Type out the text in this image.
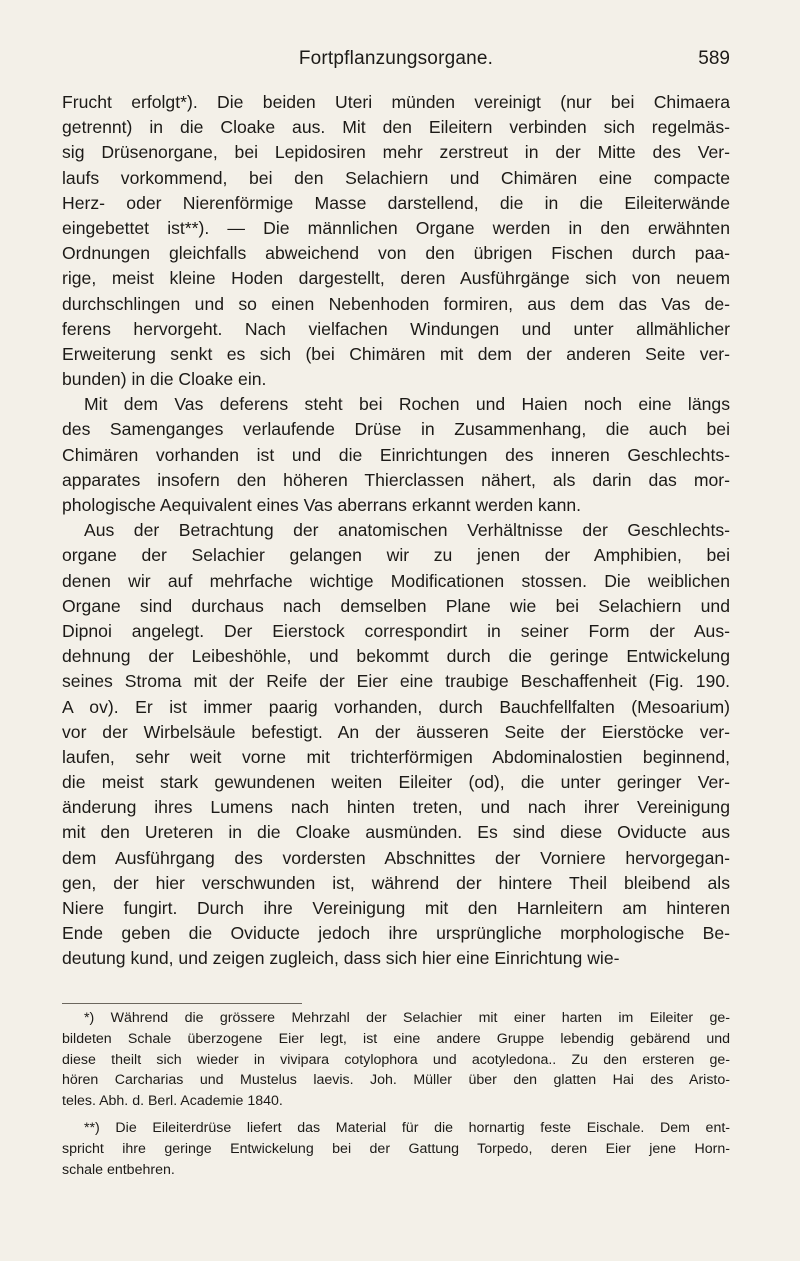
Fortpflanzungsorgane.	589
Frucht erfolgt*). Die beiden Uteri münden vereinigt (nur bei Chimaera
getrennt) in die Cloake aus. Mit den Eileitern verbinden sich regelmäs-
sig Drüsenorgane, bei Lepidosiren mehr zerstreut in der Mitte des Ver-
laufs vorkommend, bei den Selachiern und Chimären eine compacte
Herz- oder Nierenförmige Masse darstellend, die in die Eileiterwände
eingebettet ist**). — Die männlichen Organe werden in den erwähnten
Ordnungen gleichfalls abweichend von den übrigen Fischen durch paa-
rige, meist kleine Hoden dargestellt, deren Ausführgänge sich von neuem
durchschlingen und so einen Nebenhoden formiren, aus dem das Vas de-
ferens hervorgeht. Nach vielfachen Windungen und unter allmählicher
Erweiterung senkt es sich (bei Chimären mit dem der anderen Seite ver-
bunden) in die Cloake ein.
Mit dem Vas deferens steht bei Rochen und Haien noch eine längs
des Samenganges verlaufende Drüse in Zusammenhang, die auch bei
Chimären vorhanden ist und die Einrichtungen des inneren Geschlechts-
apparates insofern den höheren Thierclassen nähert, als darin das mor-
phologische Aequivalent eines Vas aberrans erkannt werden kann.
Aus der Betrachtung der anatomischen Verhältnisse der Geschlechts-
organe der Selachier gelangen wir zu jenen der Amphibien, bei
denen wir auf mehrfache wichtige Modificationen stossen. Die weiblichen
Organe sind durchaus nach demselben Plane wie bei Selachiern und
Dipnoi angelegt. Der Eierstock correspondirt in seiner Form der Aus-
dehnung der Leibeshöhle, und bekommt durch die geringe Entwickelung
seines Stroma mit der Reife der Eier eine traubige Beschaffenheit (Fig. 190.
A ov). Er ist immer paarig vorhanden, durch Bauchfellfalten (Mesoarium)
vor der Wirbelsäule befestigt. An der äusseren Seite der Eierstöcke ver-
laufen, sehr weit vorne mit trichterförmigen Abdominalostien beginnend,
die meist stark gewundenen weiten Eileiter (od), die unter geringer Ver-
änderung ihres Lumens nach hinten treten, und nach ihrer Vereinigung
mit den Ureteren in die Cloake ausmünden. Es sind diese Oviducte aus
dem Ausführgang des vordersten Abschnittes der Vorniere hervorgegan-
gen, der hier verschwunden ist, während der hintere Theil bleibend als
Niere fungirt. Durch ihre Vereinigung mit den Harnleitern am hinteren
Ende geben die Oviducte jedoch ihre ursprüngliche morphologische Be-
deutung kund, und zeigen zugleich, dass sich hier eine Einrichtung wie-
*) Während die grössere Mehrzahl der Selachier mit einer harten im Eileiter ge-
bildeten Schale überzogene Eier legt, ist eine andere Gruppe lebendig gebärend und
diese theilt sich wieder in vivipara cotylophora und acotyledona.. Zu den ersteren ge-
hören Carcharias und Mustelus laevis. Joh. Müller über den glatten Hai des Aristo-
teles. Abh. d. Berl. Academie 1840.
**) Die Eileiterdrüse liefert das Material für die hornartig feste Eischale. Dem ent-
spricht ihre geringe Entwickelung bei der Gattung Torpedo, deren Eier jene Horn-
schale entbehren.
